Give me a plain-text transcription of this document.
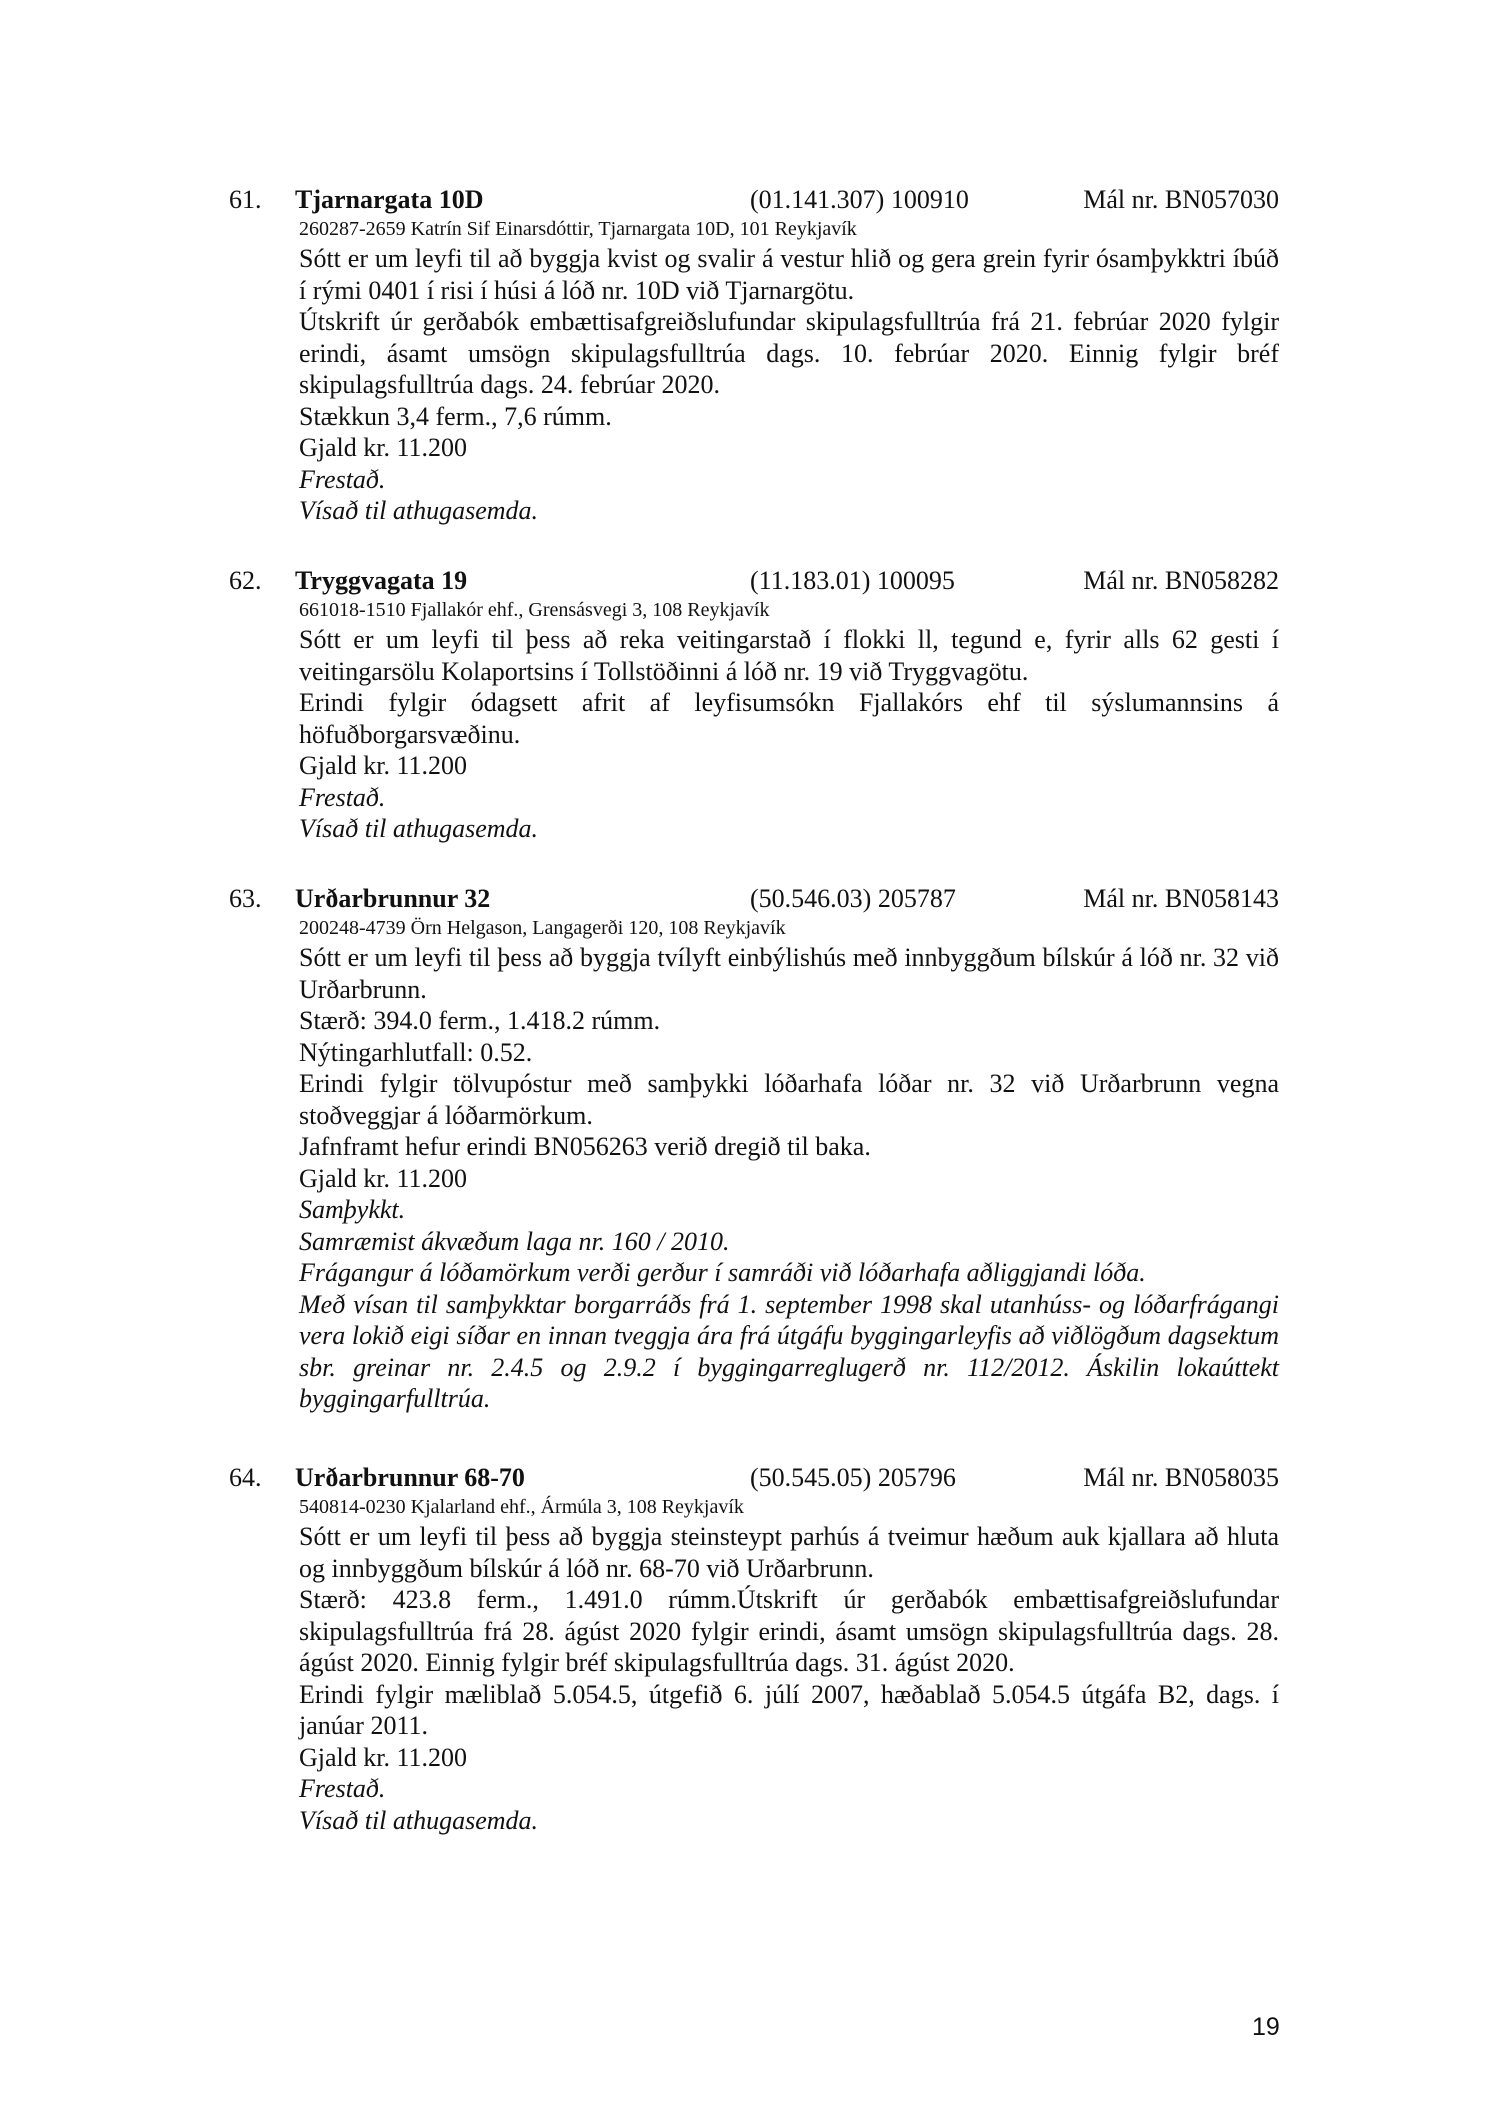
61. Tjarnargata 10D	(01.141.307) 100910	Mál nr. BN057030
260287-2659 Katrín Sif Einarsdóttir, Tjarnargata 10D, 101 Reykjavík

Sótt er um leyfi til að byggja kvist og svalir á vestur hlið og gera grein fyrir ósamþykktri íbúð í rými 0401 í risi í húsi á lóð nr. 10D við Tjarnargötu.

Útskrift úr gerðabók embættisafgreiðslufundar skipulagsfulltrúa frá 21. febrúar 2020 fylgir erindi, ásamt umsögn skipulagsfulltrúa dags. 10. febrúar 2020. Einnig fylgir bréf skipulagsfulltrúa dags. 24. febrúar 2020.

Stækkun 3,4 ferm., 7,6 rúmm.

Gjald kr. 11.200

Frestað.

Vísað til athugasemda.

62. Tryggvagata 19	(11.183.01) 100095	Mál nr. BN058282
661018-1510 Fjallakór ehf., Grensásvegi 3, 108 Reykjavík

Sótt er um leyfi til þess að reka veitingarstað í flokki ll, tegund e, fyrir alls 62 gesti í veitingarsölu Kolaportsins í Tollstöðinni á lóð nr. 19 við Tryggvagötu.

Erindi fylgir ódagsett afrit af leyfisumsókn Fjallakórs ehf til sýslumannsins á höfuðborgarsvæðinu.

Gjald kr. 11.200

Frestað.

Vísað til athugasemda.

63. Urðarbrunnur 32	(50.546.03) 205787	Mál nr. BN058143
200248-4739 Örn Helgason, Langagerði 120, 108 Reykjavík

Sótt er um leyfi til þess að byggja tvílyft einbýlishús með innbyggðum bílskúr á lóð nr. 32 við Urðarbrunn.

Stærð: 394.0 ferm., 1.418.2 rúmm.

Nýtingarhlutfall: 0.52.

Erindi fylgir tölvupóstur með samþykki lóðarhafa lóðar nr. 32 við Urðarbrunn vegna stoðveggjar á lóðarmörkum.

Jafnframt hefur erindi BN056263 verið dregið til baka.

Gjald kr. 11.200

Samþykkt.

Samræmist ákvæðum laga nr. 160 / 2010.

Frágangur á lóðamörkum verði gerður í samráði við lóðarhafa aðliggjandi lóða.

Með vísan til samþykktar borgarráðs frá 1. september 1998 skal utanhúss- og lóðarfrágangi vera lokið eigi síðar en innan tveggja ára frá útgáfu byggingarleyfis að viðlögðum dagsektum sbr. greinar nr. 2.4.5 og 2.9.2 í byggingarreglugerð nr. 112/2012. Áskilin lokaúttekt byggingarfulltrúa.

64. Urðarbrunnur 68-70	(50.545.05) 205796	Mál nr. BN058035
540814-0230 Kjalarland ehf., Ármúla 3, 108 Reykjavík

Sótt er um leyfi til þess að byggja steinsteypt parhús á tveimur hæðum auk kjallara að hluta og innbyggðum bílskúr á lóð nr. 68-70 við Urðarbrunn.

Stærð: 423.8 ferm., 1.491.0 rúmm.Útskrift úr gerðabók embættisafgreiðslufundar skipulagsfulltrúa frá 28. ágúst 2020 fylgir erindi, ásamt umsögn skipulagsfulltrúa dags. 28. ágúst 2020. Einnig fylgir bréf skipulagsfulltrúa dags. 31. ágúst 2020.

Erindi fylgir mæliblað 5.054.5, útgefið 6. júlí 2007, hæðablað 5.054.5 útgáfa B2, dags. í janúar 2011.

Gjald kr. 11.200

Frestað.

Vísað til athugasemda.

19
